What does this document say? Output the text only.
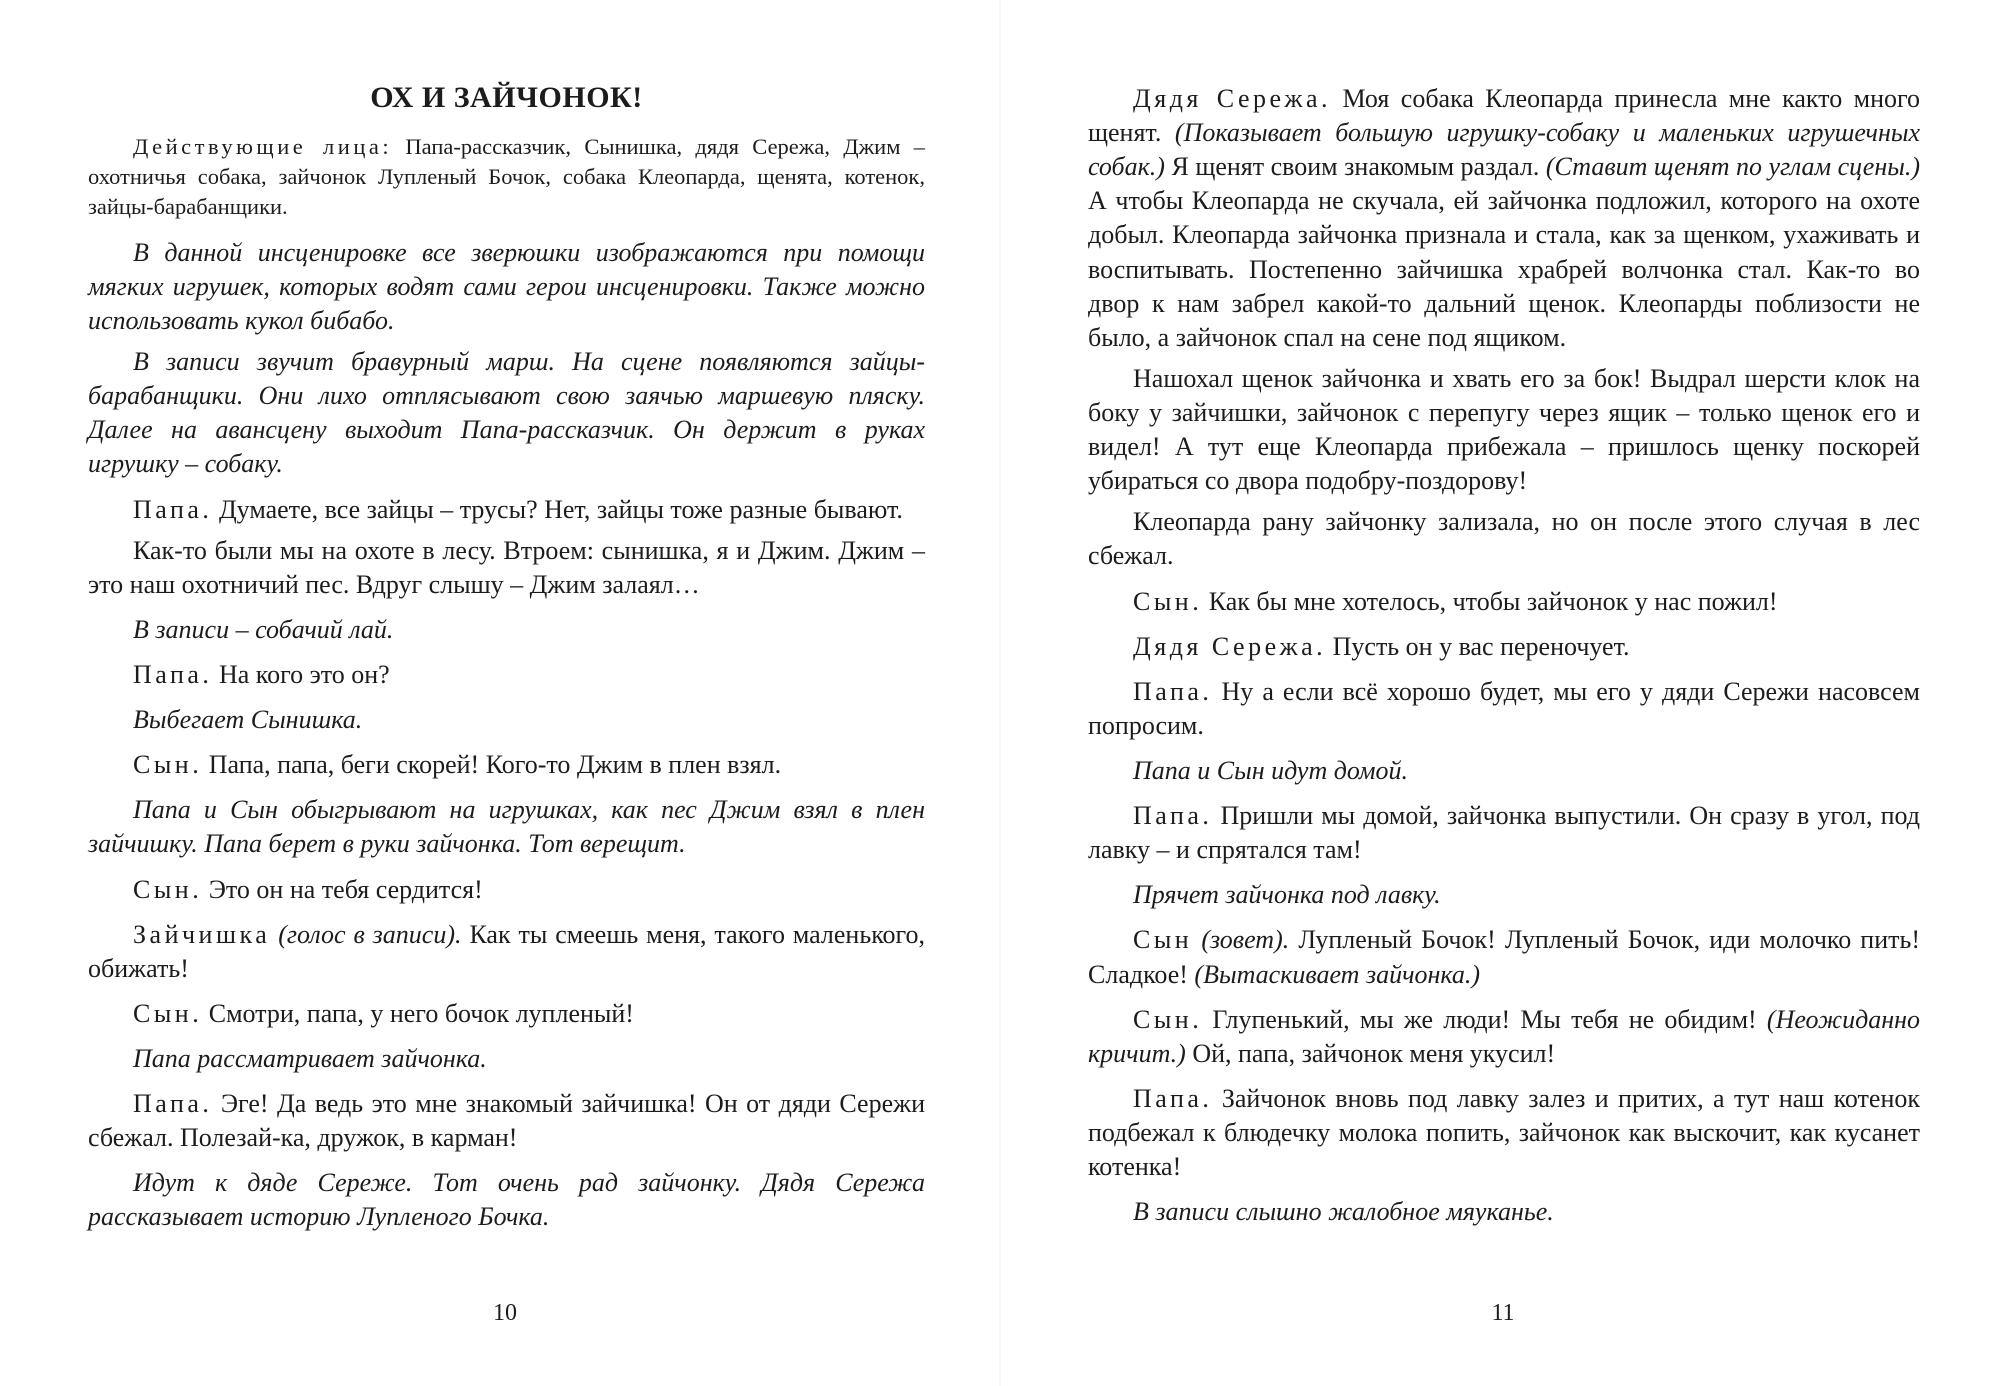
ОХ И ЗАЙЧОНОК!

Действующие лица: Папа-рассказчик, Сынишка, дядя Сережа, Джим – охотничья собака, зайчонок Лупленый Бочок, собака Клеопарда, щенята, котенок, зайцы-барабанщики.

В данной инсценировке все зверюшки изображаются при помощи мягких игрушек, которых водят сами герои инсценировки. Также можно использовать кукол бибабо.

В записи звучит бравурный марш. На сцене появляются зайцы-барабанщики. Они лихо отплясывают свою заячью маршевую пляску. Далее на авансцену выходит Папа-рассказчик. Он держит в руках игрушку – собаку.

Папа. Думаете, все зайцы – трусы? Нет, зайцы тоже разные бывают.

Как-то были мы на охоте в лесу. Втроем: сынишка, я и Джим. Джим – это наш охотничий пес. Вдруг слышу – Джим залаял…

В записи – собачий лай.

Папа. На кого это он?

Выбегает Сынишка.

Сын. Папа, папа, беги скорей! Кого-то Джим в плен взял.

Папа и Сын обыгрывают на игрушках, как пес Джим взял в плен зайчишку. Папа берет в руки зайчонка. Тот верещит.

Сын. Это он на тебя сердится!

Зайчишка (голос в записи). Как ты смеешь меня, такого маленького, обижать!

Сын. Смотри, папа, у него бочок лупленый!

Папа рассматривает зайчонка.

Папа. Эге! Да ведь это мне знакомый зайчишка! Он от дяди Сережи сбежал. Полезай-ка, дружок, в карман!

Идут к дяде Сереже. Тот очень рад зайчонку. Дядя Сережа рассказывает историю Лупленого Бочка.

10

Дядя Сережа. Моя собака Клеопарда принесла мне както много щенят. (Показывает большую игрушку-собаку и маленьких игрушечных собак.) Я щенят своим знакомым раздал. (Ставит щенят по углам сцены.) А чтобы Клеопарда не скучала, ей зайчонка подложил, которого на охоте добыл. Клеопарда зайчонка признала и стала, как за щенком, ухаживать и воспитывать. Постепенно зайчишка храбрей волчонка стал. Как-то во двор к нам забрел какой-то дальний щенок. Клеопарды поблизости не было, а зайчонок спал на сене под ящиком.

Нашохал щенок зайчонка и хвать его за бок! Выдрал шерсти клок на боку у зайчишки, зайчонок с перепугу через ящик – только щенок его и видел! А тут еще Клеопарда прибежала – пришлось щенку поскорей убираться со двора подобру-поздорову!

Клеопарда рану зайчонку зализала, но он после этого случая в лес сбежал.

Сын. Как бы мне хотелось, чтобы зайчонок у нас пожил!

Дядя Сережа. Пусть он у вас переночует.

Папа. Ну а если всё хорошо будет, мы его у дяди Сережи насовсем попросим.

Папа и Сын идут домой.

Папа. Пришли мы домой, зайчонка выпустили. Он сразу в угол, под лавку – и спрятался там!

Прячет зайчонка под лавку.

Сын (зовет). Лупленый Бочок! Лупленый Бочок, иди молочко пить! Сладкое! (Вытаскивает зайчонка.)

Сын. Глупенький, мы же люди! Мы тебя не обидим! (Неожиданно кричит.) Ой, папа, зайчонок меня укусил!

Папа. Зайчонок вновь под лавку залез и притих, а тут наш котенок подбежал к блюдечку молока попить, зайчонок как выскочит, как кусанет котенка!

В записи слышно жалобное мяуканье.

11
